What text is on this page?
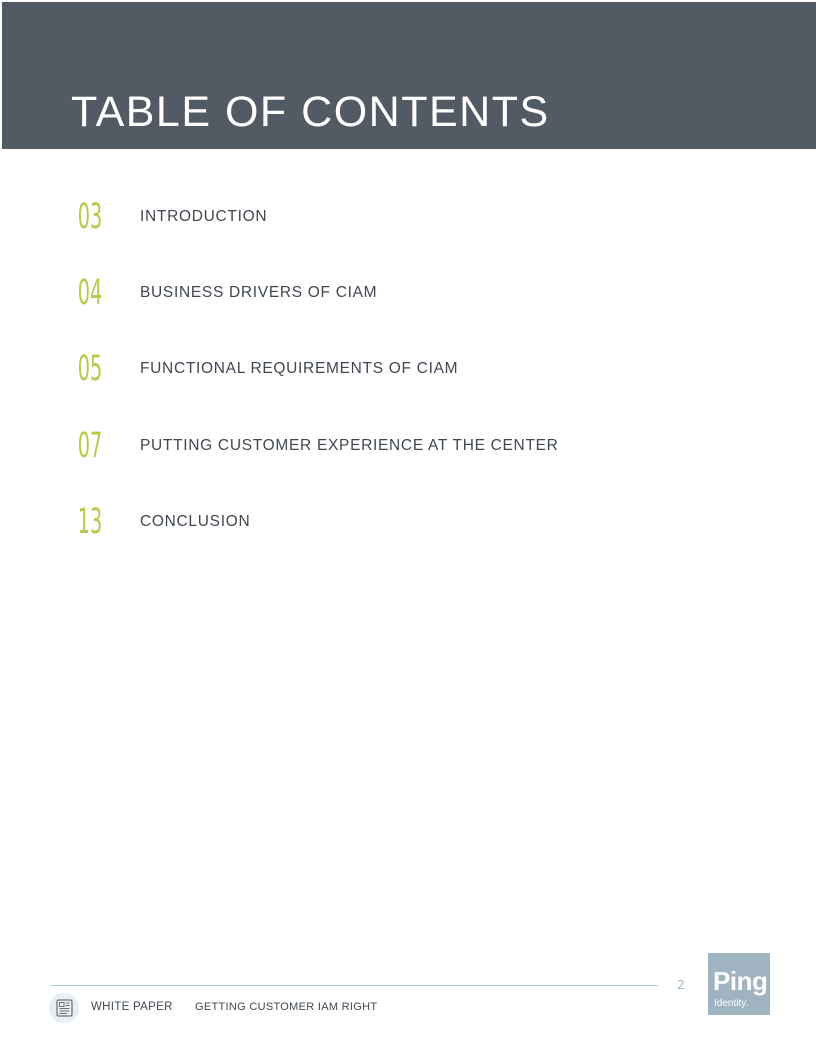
TABLE OF CONTENTS
03 INTRODUCTION
04 BUSINESS DRIVERS OF CIAM
05 FUNCTIONAL REQUIREMENTS OF CIAM
07 PUTTING CUSTOMER EXPERIENCE AT THE CENTER
13 CONCLUSION
2 Ping
Identity.
WHITE PAPER GETTING CUSTOMER IAM RIGHT
